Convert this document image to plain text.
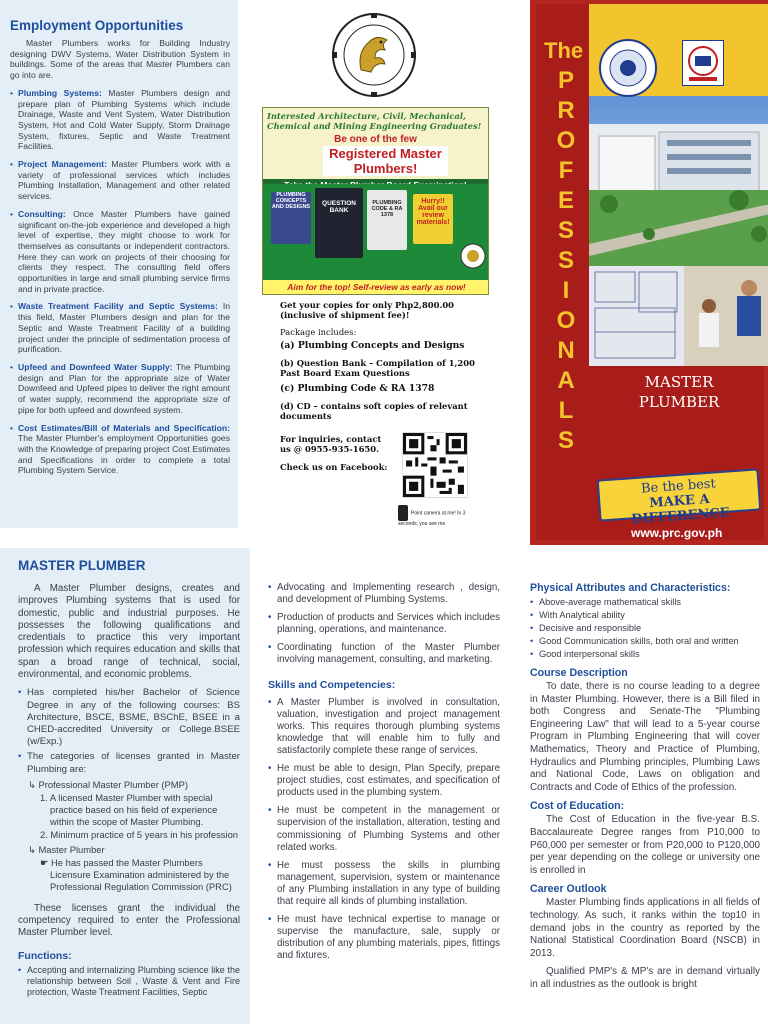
Employment Opportunities
Master Plumbers works for Building Industry designing DWV Systems, Water Distribution System in buildings. Some of the areas that Master Plumbers can go into are.
• Plumbing Systems: Master Plumbers design and prepare plan of Plumbing Systems which include Drainage, Waste and Vent System, Water Distribution System, Hot and Cold Water Supply, Storm Drainage System, fixtures, Septic and Waste Treatment Facilities.
• Project Management: Master Plumbers work with a variety of professional services which includes Plumbing Installation, Management and other related services.
• Consulting: Once Master Plumbers have gained significant on-the-job experience and developed a high level of expertise, they might choose to work for themselves as consultants or independent contractors. Here they can work on projects of their choosing for clients they respect. The consulting field offers opportunities in large and small plumbing service firms and in private practice.
• Waste Treatment Facility and Septic Systems: In this field, Master Plumbers design and plan for the Septic and Waste Treatment Facility of a building project under the principle of sedimentation process of purification.
• Upfeed and Downfeed Water Supply: The Plumbing design and Plan for the appropriate size of Water Downfeed and Upfeed pipes to deliver the right amount of water supply, recommend the appropriate size of pipe for both upfeed and downfeed system.
• Cost Estimates/Bill of Materials and Specification: The Master Plumber's employment Opportunities goes with the Knowledge of preparing project Cost Estimates and Specifications in order to complete a total Plumbing System Service.
Interested Architecture, Civil, Mechanical, Chemical and Mining Engineering Graduates!
Be one of the few
Registered Master Plumbers!
PLUMBING CONCEPTS AND DESIGNS	QUESTION BANK
PLUMBING CODE & RA 1378
Hurry!! Avail our review materials!
Aim for the top! Self-review as early as now!
Get your copies for only Php2,800.00 (inclusive of shipment fee)!
Package includes:
(a) Plumbing Concepts and Designs
(b) Question Bank – Compilation of 1,200 Past Board Exam Questions
(c) Plumbing Code & RA 1378
(d) CD – contains soft copies of relevant documents
For inquiries, contact us @ 0955-935-1650.
Check us on Facebook:
Point camera at me! In 3 seconds, you see me
The
P
R
O
F
E
S
S
I
O
N
A
L
S
MASTER
PLUMBER
Be the best
MAKE A DIFFERENCE
www.prc.gov.ph
MASTER PLUMBER
A Master Plumber designs, creates and improves Plumbing systems that is used for domestic, public and industrial purposes. He possesses the following qualifications and credentials to practice this very important profession which requires education and skills that span a broad range of technical, social, environmental, and economic problems.
• Has completed his/her Bachelor of Science Degree in any of the following courses: BS Architecture, BSCE, BSME, BSChE, BSEE in a CHED-accredited University or College.BSEE (w/Exp.)
• The categories of licenses granted in Master Plumbing are:
↳ Professional Master Plumber (PMP)
1. A licensed Master Plumber with special practice based on his field of experience within the scope of Master Plumbing.
2. Minimum practice of 5 years in his profession
↳ Master Plumber
☛ He has passed the Master Plumbers Licensure Examination administered by the Professional Regulation Commission (PRC)
These licenses grant the individual the competency required to enter the Professional Master Plumber level.
Functions:
• Accepting and internalizing Plumbing science like the relationship between Soil , Waste & Vent and Fire protection, Waste Treatment Facilities, Septic
• Advocating and Implementing research , design, and development of Plumbing Systems.
• Production of products and Services which includes planning, operations, and maintenance.
• Coordinating function of the Master Plumber involving management, consulting, and marketing.
Skills and Competencies:
• A Master Plumber is involved in consultation, valuation, investigation and project management works. This requires thorough plumbing systems knowledge that will enable him to fully and satisfactorily complete these range of services.
• He must be able to design, Plan Specify, prepare project studies, cost estimates, and specification of products used in the plumbing system.
• He must be competent in the management or supervision of the installation, alteration, testing and commissioning of Plumbing Systems and other related works.
• He must possess the skills in plumbing management, supervision, system or maintenance of any Plumbing installation in any type of building that require all kinds of plumbing installation.
• He must have technical expertise to manage or supervise the manufacture, sale, supply or distribution of any plumbing materials, pipes, fittings and fixtures.
Physical Attributes and Characteristics:
• Above-average mathematical skills
• With Analytical ability
• Decisive and responsible
• Good Communication skills, both oral and written
• Good interpersonal skills
Course Description
To date, there is no course leading to a degree in Master Plumbing. However, there is a Bill filed in both Congress and Senate-The "Plumbing Engineering Law" that will lead to a 5-year course Program in Plumbing Engineering that will cover Mathematics, Theory and Practice of Plumbing, Hydraulics and Plumbing principles, Plumbing Laws and National Code, Laws on obligation and Contracts and Code of Ethics of the profession.
Cost of Education:
The Cost of Education in the five-year B.S. Baccalaureate Degree ranges from P10,000 to P60,000 per semester or from P20,000 to P120,000 per year depending on the college or university one is enrolled in
Career Outlook
Master Plumbing finds applications in all fields of technology. As such, it ranks within the top10 in demand jobs in the country as reported by the National Statistical Coordination Board (NSCB) in 2013.
Qualified PMP's & MP's are in demand virtually in all industries as the outlook is bright
